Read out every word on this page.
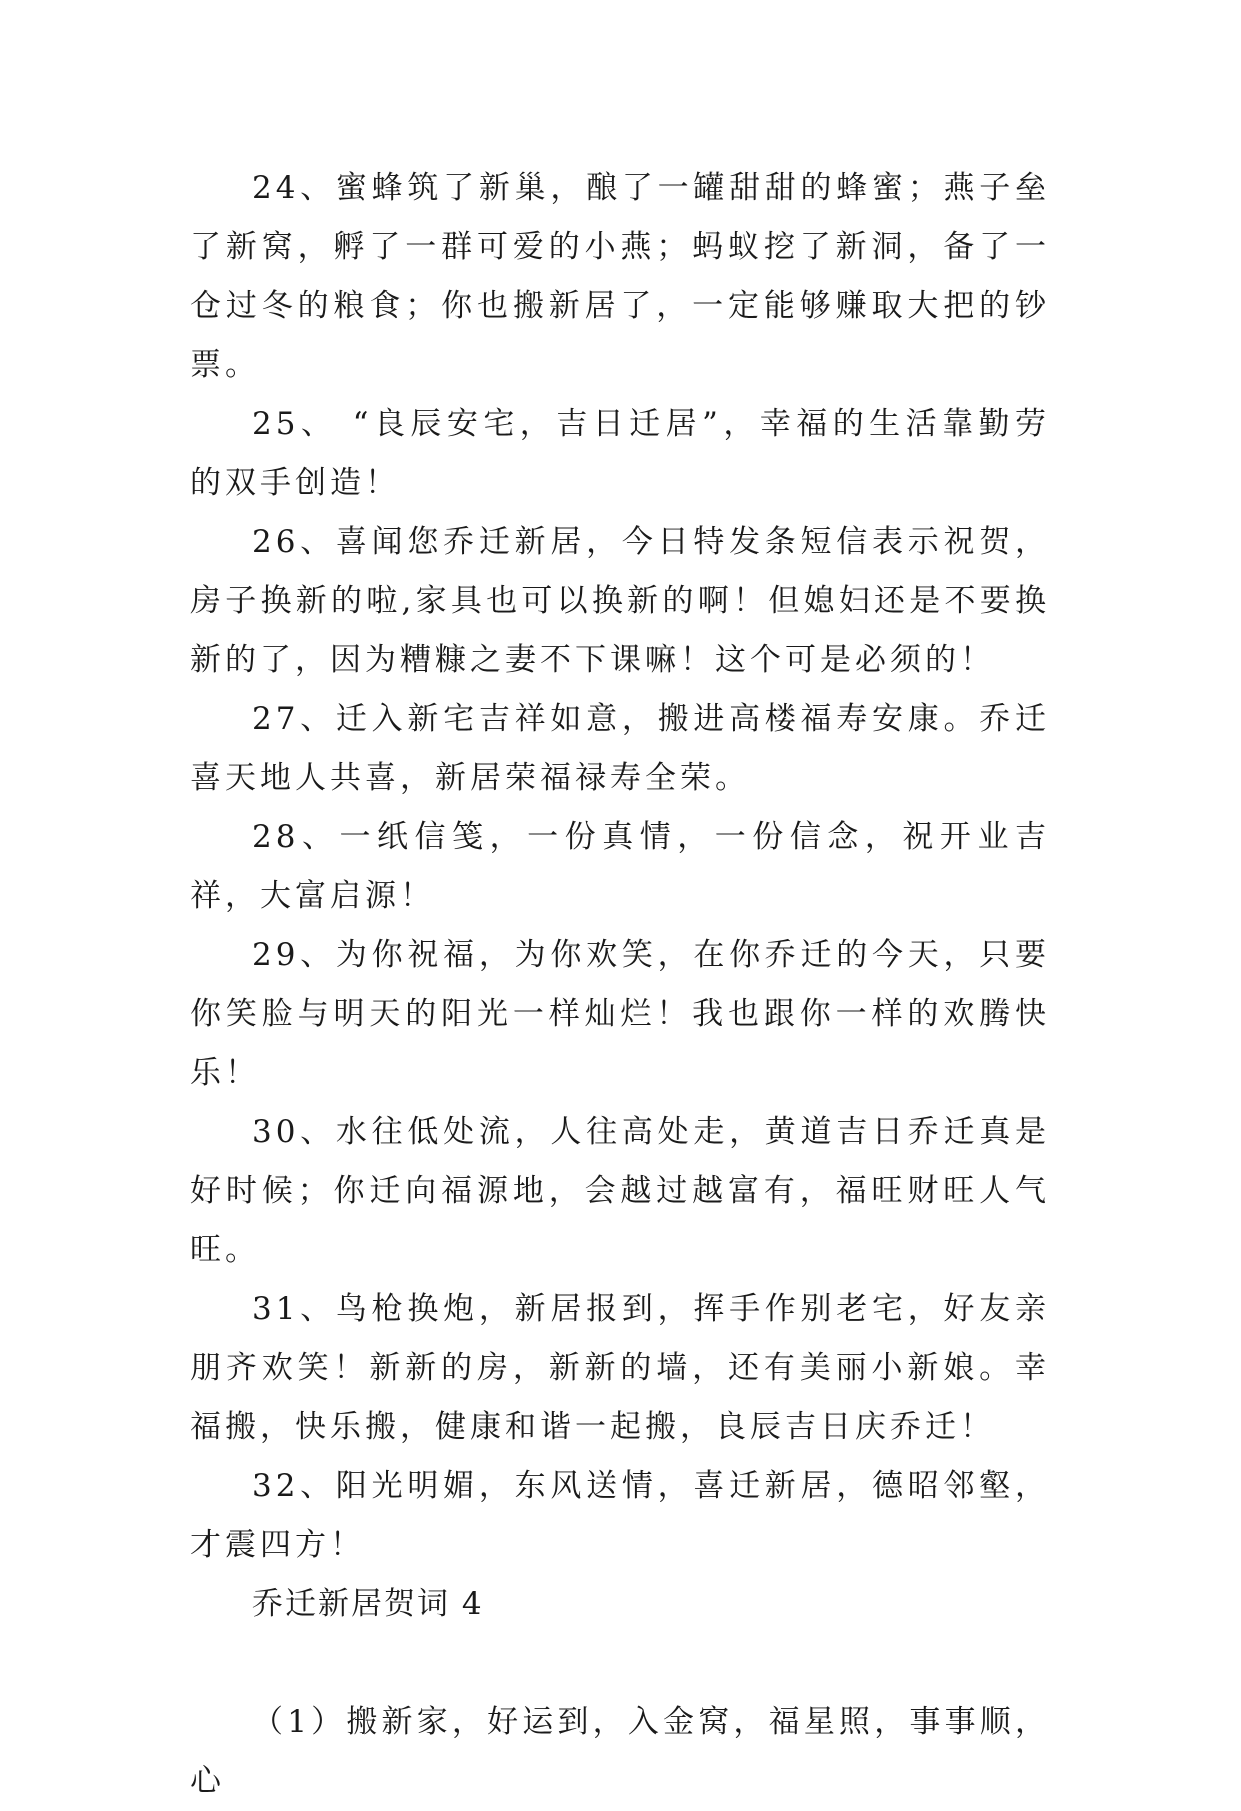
24、蜜蜂筑了新巢，酿了一罐甜甜的蜂蜜；燕子垒了新窝，孵了一群可爱的小燕；蚂蚁挖了新洞，备了一仓过冬的粮食；你也搬新居了，一定能够赚取大把的钞票。

25、 “良辰安宅，吉日迁居”，幸福的生活靠勤劳的双手创造！

26、喜闻您乔迁新居，今日特发条短信表示祝贺，房子换新的啦,家具也可以换新的啊！但媳妇还是不要换新的了，因为糟糠之妻不下课嘛！这个可是必须的！

27、迁入新宅吉祥如意，搬进高楼福寿安康。乔迁喜天地人共喜，新居荣福禄寿全荣。

28、一纸信笺，一份真情，一份信念，祝开业吉祥，大富启源！

29、为你祝福，为你欢笑，在你乔迁的今天，只要你笑脸与明天的阳光一样灿烂！我也跟你一样的欢腾快乐！

30、水往低处流，人往高处走，黄道吉日乔迁真是好时候；你迁向福源地，会越过越富有，福旺财旺人气旺。

31、鸟枪换炮，新居报到，挥手作别老宅，好友亲朋齐欢笑！新新的房，新新的墙，还有美丽小新娘。幸福搬，快乐搬，健康和谐一起搬，良辰吉日庆乔迁！

32、阳光明媚，东风送情，喜迁新居，德昭邻壑，才震四方！

乔迁新居贺词 4

（1）搬新家，好运到，入金窝，福星照，事事顺，心
